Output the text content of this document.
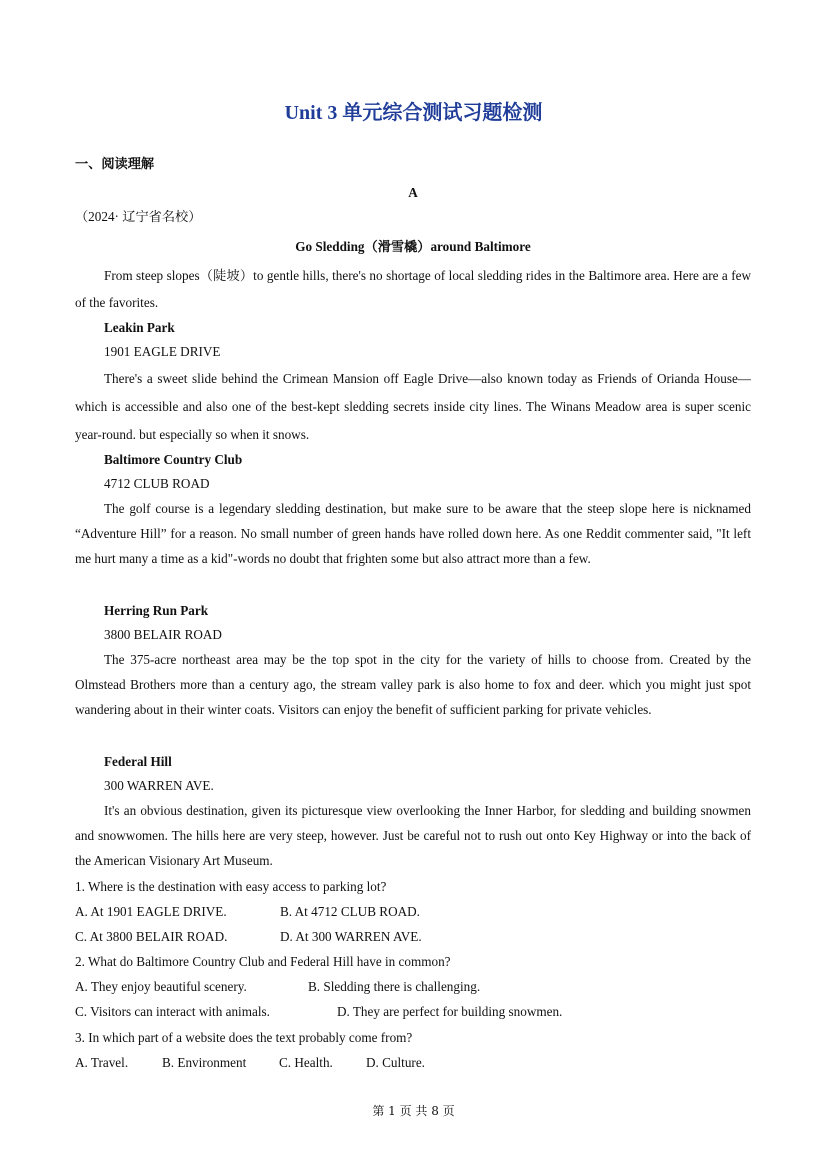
Unit 3 单元综合测试习题检测
一、阅读理解
A
（2024· 辽宁省名校）
Go Sledding（滑雪橇）around Baltimore
From steep slopes（陡坡）to gentle hills, there's no shortage of local sledding rides in the Baltimore area. Here are a few of the favorites.
Leakin Park
1901 EAGLE DRIVE
There's a sweet slide behind the Crimean Mansion off Eagle Drive—also known today as Friends of Orianda House—which is accessible and also one of the best-kept sledding secrets inside city lines. The Winans Meadow area is super scenic year-round. but especially so when it snows.
Baltimore Country Club
4712 CLUB ROAD
The golf course is a legendary sledding destination, but make sure to be aware that the steep slope here is nicknamed “Adventure Hill” for a reason. No small number of green hands have rolled down here. As one Reddit commenter said, "It left me hurt many a time as a kid"-words no doubt that frighten some but also attract more than a few.
Herring Run Park
3800 BELAIR ROAD
The 375-acre northeast area may be the top spot in the city for the variety of hills to choose from. Created by the Olmstead Brothers more than a century ago, the stream valley park is also home to fox and deer. which you might just spot wandering about in their winter coats. Visitors can enjoy the benefit of sufficient parking for private vehicles.
Federal Hill
300 WARREN AVE.
It's an obvious destination, given its picturesque view overlooking the Inner Harbor, for sledding and building snowmen and snowwomen. The hills here are very steep, however. Just be careful not to rush out onto Key Highway or into the back of the American Visionary Art Museum.
1. Where is the destination with easy access to parking lot?
A. At 1901 EAGLE DRIVE.	B. At 4712 CLUB ROAD.
C. At 3800 BELAIR ROAD.	D. At 300 WARREN AVE.
2. What do Baltimore Country Club and Federal Hill have in common?
A. They enjoy beautiful scenery.	B. Sledding there is challenging.
C. Visitors can interact with animals.	D. They are perfect for building snowmen.
3. In which part of a website does the text probably come from?
A. Travel.	B. Environment	C. Health.	D. Culture.
第 1 页 共 8 页
